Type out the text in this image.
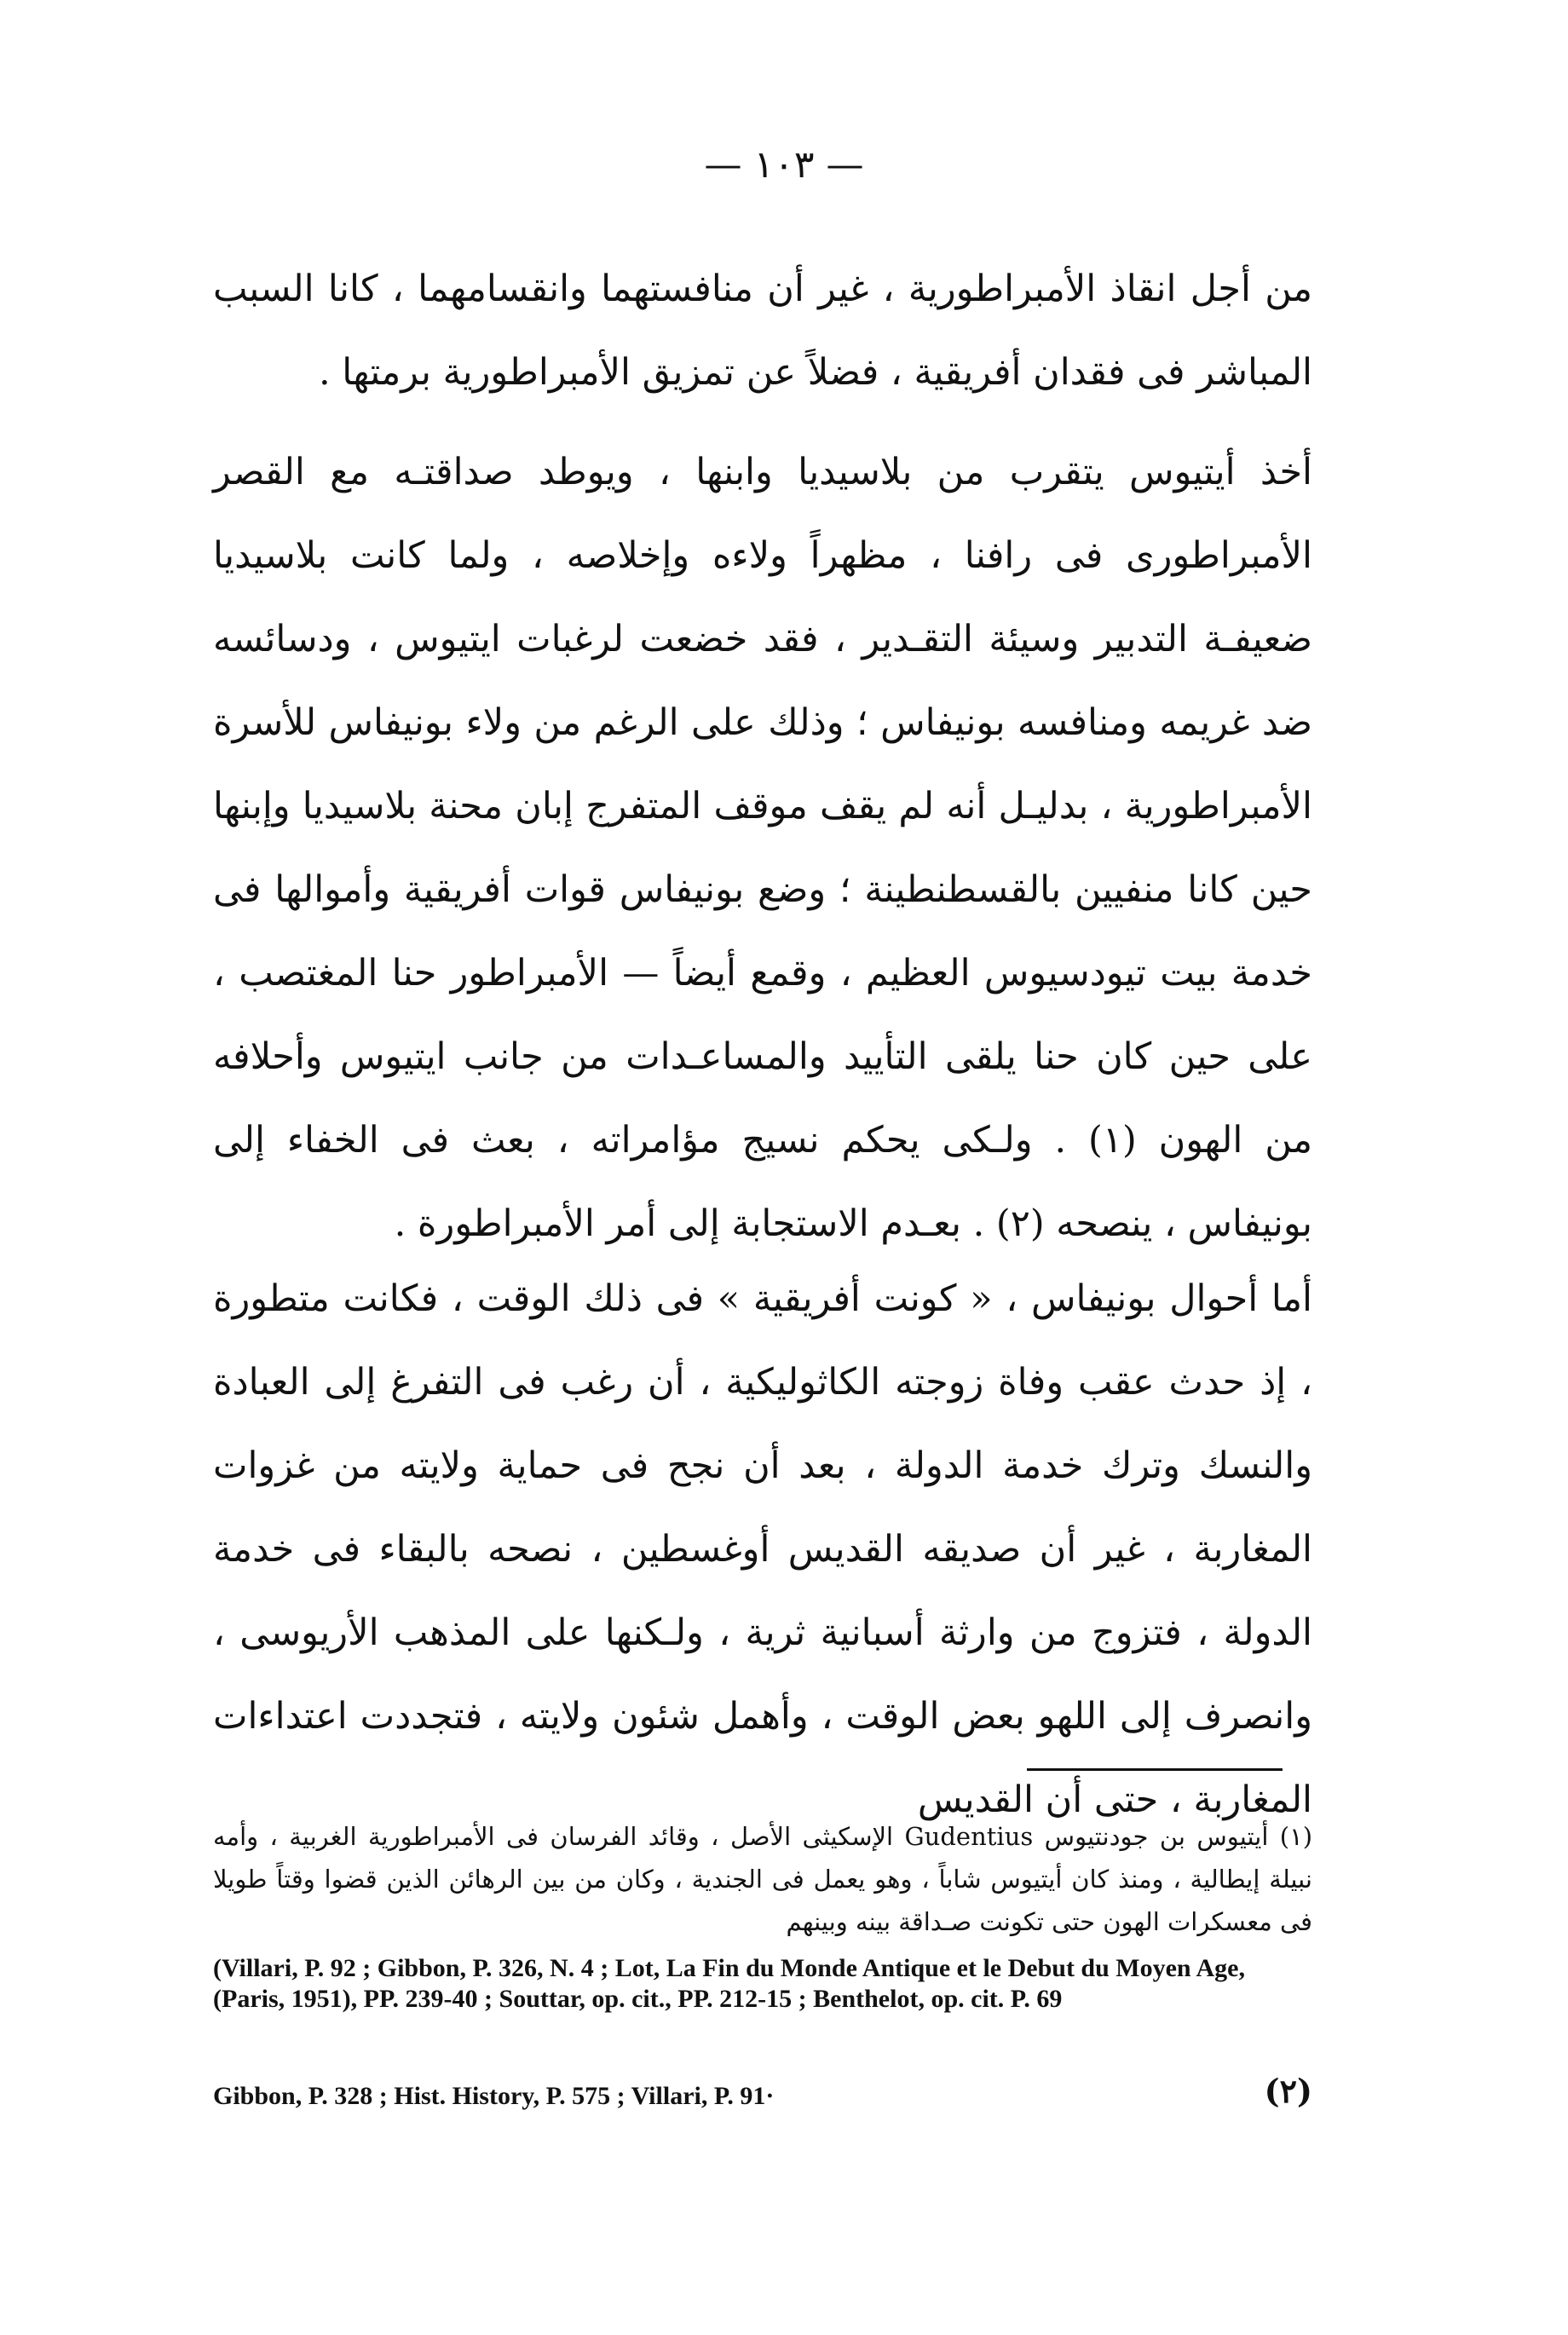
— ١٠٣ —
من أجل انقاذ الأمبراطورية ، غير أن منافستهما وانقسامهما ، كانا السبب المباشر فى فقدان أفريقية ، فضلاً عن تمزيق الأمبراطورية برمتها .
أخذ أيتيوس يتقرب من بلاسيديا وابنها ، ويوطد صداقتـه مع القصر الأمبراطورى فى رافنا ، مظهراً ولاءه وإخلاصه ، ولما كانت بلاسيديا ضعيفـة التدبير وسيئة التقـدير ، فقد خضعت لرغبات ايتيوس ، ودسائسه ضد غريمه ومنافسه بونيفاس ؛ وذلك على الرغم من ولاء بونيفاس للأسرة الأمبراطورية ، بدليـل أنه لم يقف موقف المتفرج إبان محنة بلاسيديا وإبنها حين كانا منفيين بالقسطنطينة ؛ وضع بونيفاس قوات أفريقية وأموالها فى خدمة بيت تيودسيوس العظيم ، وقمع أيضاً — الأمبراطور حنا المغتصب ، على حين كان حنا يلقى التأييد والمساعـدات من جانب ايتيوس وأحلافه من الهون (١) . ولـكى يحكم نسيج مؤامراته ، بعث فى الخفاء إلى بونيفاس ، ينصحه (٢) . بعـدم الاستجابة إلى أمر الأمبراطورة .
أما أحوال بونيفاس ، « كونت أفريقية » فى ذلك الوقت ، فكانت متطورة ، إذ حدث عقب وفاة زوجته الكاثوليكية ، أن رغب فى التفرغ إلى العبادة والنسك وترك خدمة الدولة ، بعد أن نجح فى حماية ولايته من غزوات المغاربة ، غير أن صديقه القديس أوغسطين ، نصحه بالبقاء فى خدمة الدولة ، فتزوج من وارثة أسبانية ثرية ، ولـكنها على المذهب الأريوسى ، وانصرف إلى اللهو بعض الوقت ، وأهمل شئون ولايته ، فتجددت اعتداءات المغاربة ، حتى أن القديس
(١) أيتيوس بن جودنتيوس Gudentius الإسكيثى الأصل ، وقائد الفرسان فى الأمبراطورية الغربية ، وأمه نبيلة إيطالية ، ومنذ كان أيتيوس شاباً ، وهو يعمل فى الجندية ، وكان من بين الرهائن الذين قضوا وقتاً طويلا فى معسكرات الهون حتى تكونت صـداقة بينه وبينهم
(Villari, P. 92 ; Gibbon, P. 326, N. 4 ; Lot, La Fin du Monde Antique et le Debut du Moyen Age, (Paris, 1951), PP. 239-40 ; Souttar, op. cit., PP. 212-15 ; Benthelot, op. cit. P. 69
Gibbon, P. 328 ; Hist. History, P. 575 ; Villari, P. 91·	(٢)
